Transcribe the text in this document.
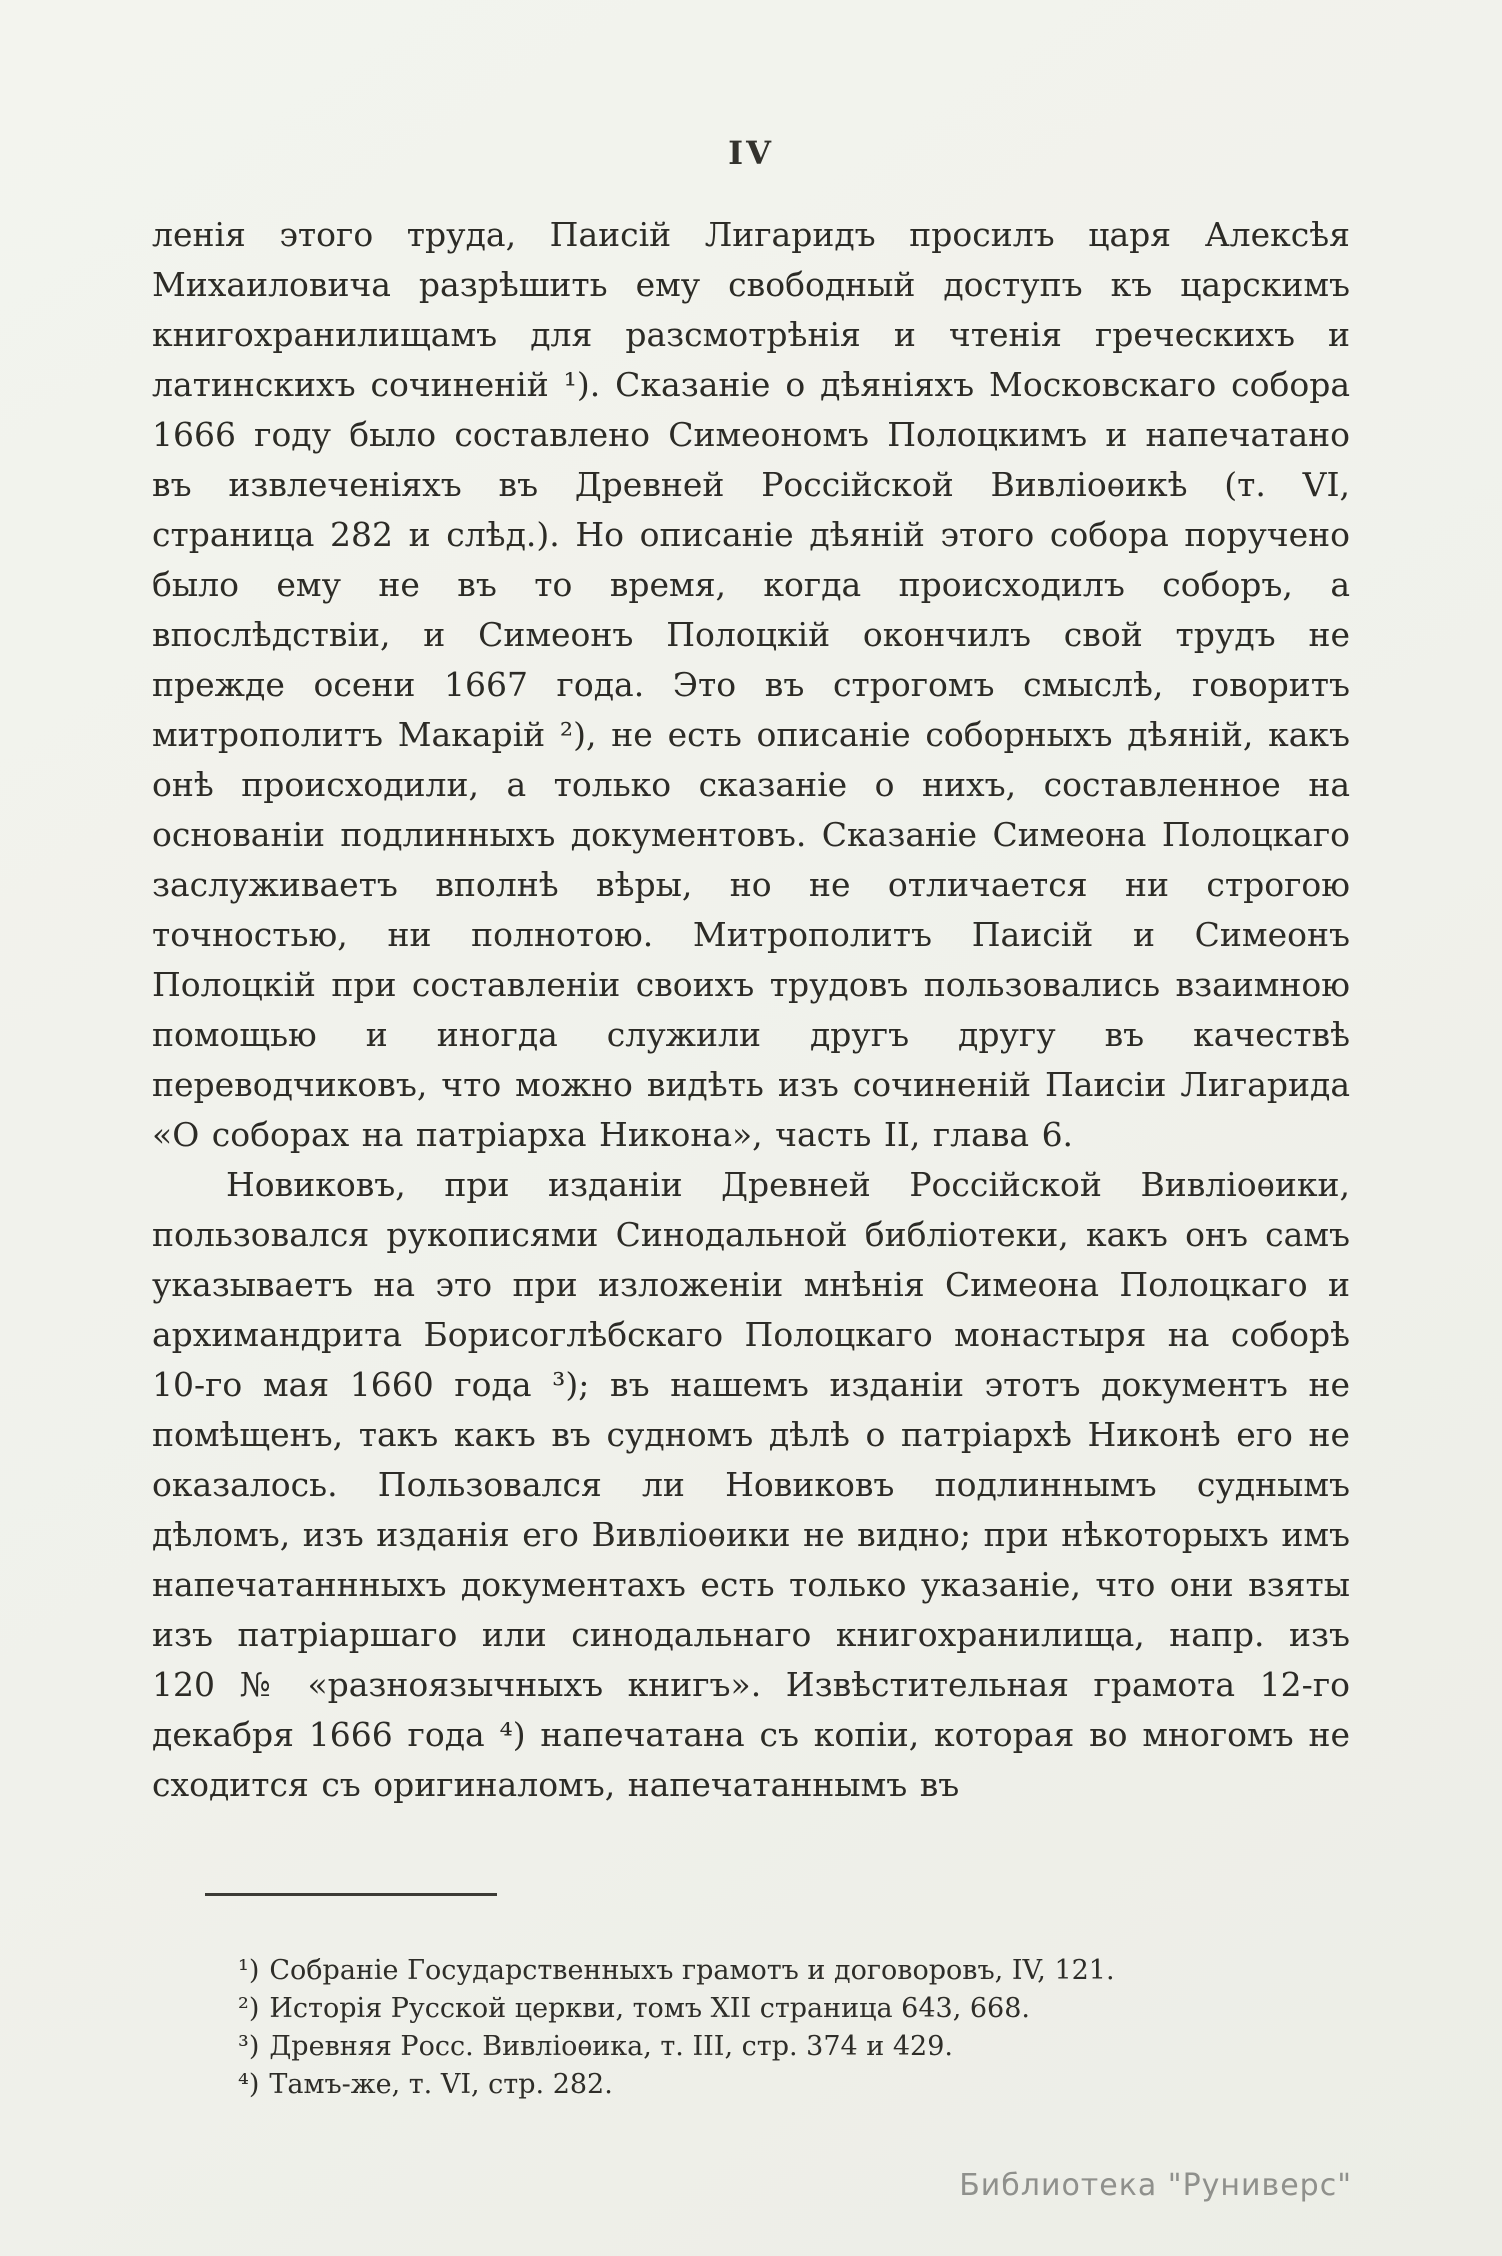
IV

ленія этого труда, Паисій Лигаридъ просилъ царя Алексѣя Михаиловича разрѣшить ему свободный доступъ къ царскимъ книгохранилищамъ для разсмотрѣнія и чтенія греческихъ и латинскихъ сочиненій ¹). Сказаніе о дѣяніяхъ Московскаго собора 1666 году было составлено Симеономъ Полоцкимъ и напечатано въ извлеченіяхъ въ Древней Россійской Вивліоѳикѣ (т. VI, страница 282 и слѣд.). Но описаніе дѣяній этого собора поручено было ему не въ то время, когда происходилъ соборъ, а впослѣдствіи, и Симеонъ Полоцкій окончилъ свой трудъ не прежде осени 1667 года. Это въ строгомъ смыслѣ, говоритъ митрополитъ Макарій ²), не есть описаніе соборныхъ дѣяній, какъ онѣ происходили, а только сказаніе о нихъ, составленное на основаніи подлинныхъ документовъ. Сказаніе Симеона Полоцкаго заслуживаетъ вполнѣ вѣры, но не отличается ни строгою точностью, ни полнотою. Митрополитъ Паисій и Симеонъ Полоцкій при составленіи своихъ трудовъ пользовались взаимною помощью и иногда служили другъ другу въ качествѣ переводчиковъ, что можно видѣть изъ сочиненій Паисіи Лигарида «О соборах на патріарха Никона», часть II, глава 6.

Новиковъ, при изданіи Древней Россійской Вивліоѳики, пользовался рукописями Синодальной библіотеки, какъ онъ самъ указываетъ на это при изложеніи мнѣнія Симеона Полоцкаго и архимандрита Борисоглѣбскаго Полоцкаго монастыря на соборѣ 10-го мая 1660 года ³); въ нашемъ изданіи этотъ документъ не помѣщенъ, такъ какъ въ судномъ дѣлѣ о патріархѣ Никонѣ его не оказалось. Пользовался ли Новиковъ подлиннымъ суднымъ дѣломъ, изъ изданія его Вивліоѳики не видно; при нѣкоторыхъ имъ напечатаннныхъ документахъ есть только указаніе, что они взяты изъ патріаршаго или синодальнаго книгохранилища, напр. изъ 120 № «разноязычныхъ книгъ». Извѣстительная грамота 12-го декабря 1666 года ⁴) напечатана съ копіи, которая во многомъ не сходится съ оригиналомъ, напечатаннымъ въ

¹) Собраніе Государственныхъ грамотъ и договоровъ, IV, 121.
²) Исторія Русской церкви, томъ XII страница 643, 668.
³) Древняя Росс. Вивліоѳика, т. III, стр. 374 и 429.
⁴) Тамъ-же, т. VI, стр. 282.
Библиотека "Руниверс"
